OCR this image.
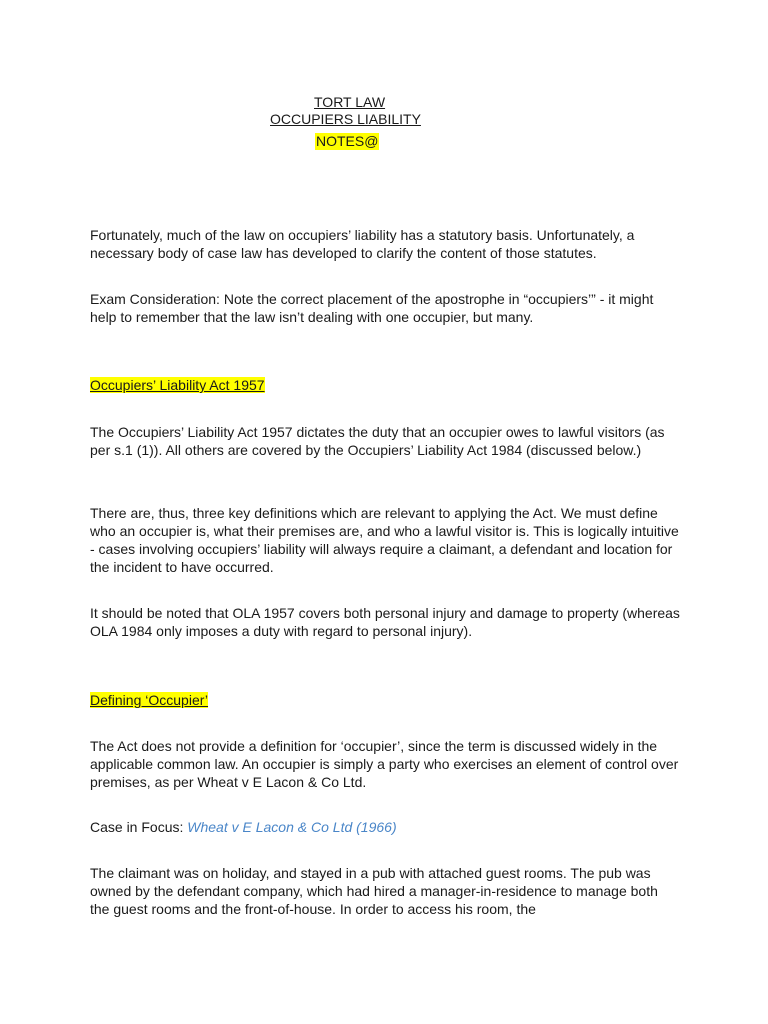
TORT LAW
OCCUPIERS LIABILITY
NOTES@

Fortunately, much of the law on occupiers’ liability has a statutory basis. Unfortunately, a necessary body of case law has developed to clarify the content of those statutes.

Exam Consideration: Note the correct placement of the apostrophe in “occupiers’” - it might help to remember that the law isn’t dealing with one occupier, but many.

Occupiers’ Liability Act 1957

The Occupiers’ Liability Act 1957 dictates the duty that an occupier owes to lawful visitors (as per s.1 (1)). All others are covered by the Occupiers’ Liability Act 1984 (discussed below.)

There are, thus, three key definitions which are relevant to applying the Act. We must define who an occupier is, what their premises are, and who a lawful visitor is. This is logically intuitive - cases involving occupiers’ liability will always require a claimant, a defendant and location for the incident to have occurred.

It should be noted that OLA 1957 covers both personal injury and damage to property (whereas OLA 1984 only imposes a duty with regard to personal injury).

Defining ‘Occupier’

The Act does not provide a definition for ‘occupier’, since the term is discussed widely in the applicable common law. An occupier is simply a party who exercises an element of control over premises, as per Wheat v E Lacon & Co Ltd.

Case in Focus: Wheat v E Lacon & Co Ltd (1966)

The claimant was on holiday, and stayed in a pub with attached guest rooms. The pub was owned by the defendant company, which had hired a manager-in-residence to manage both the guest rooms and the front-of-house. In order to access his room, the
